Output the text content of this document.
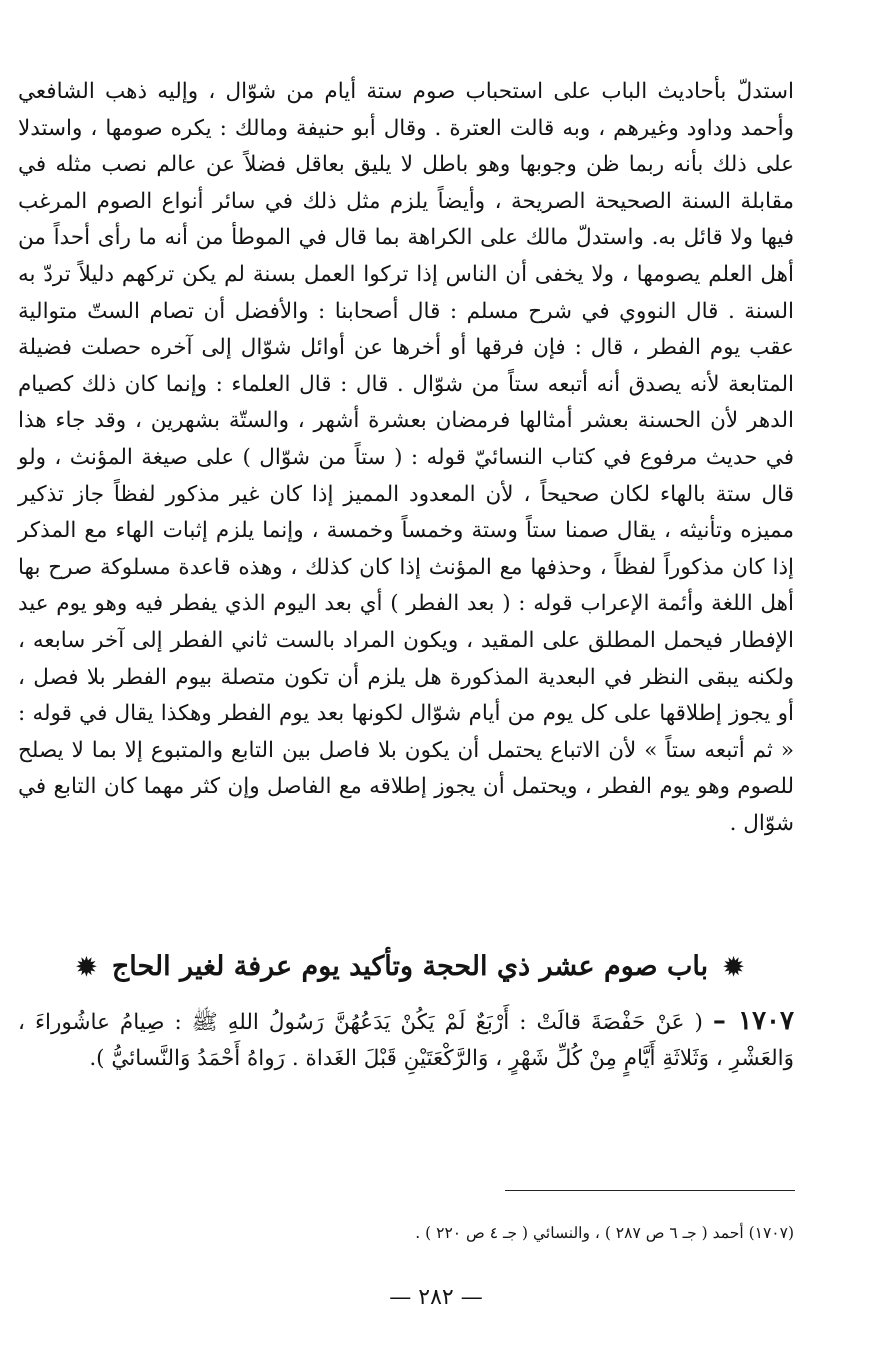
استدلّ بأحاديث الباب على استحباب صوم ستة أيام من شوّال ، وإليه ذهب الشافعي وأحمد وداود وغيرهم ، وبه قالت العترة . وقال أبو حنيفة ومالك : يكره صومها ، واستدلا على ذلك بأنه ربما ظن وجوبها وهو باطل لا يليق بعاقل فضلاً عن عالم نصب مثله في مقابلة السنة الصحيحة الصريحة ، وأيضاً يلزم مثل ذلك في سائر أنواع الصوم المرغب فيها ولا قائل به. واستدلّ مالك على الكراهة بما قال في الموطأ من أنه ما رأى أحداً من أهل العلم يصومها ، ولا يخفى أن الناس إذا تركوا العمل بسنة لم يكن تركهم دليلاً تردّ به السنة . قال النووي في شرح مسلم : قال أصحابنا : والأفضل أن تصام الستّ متوالية عقب يوم الفطر ، قال : فإن فرقها أو أخرها عن أوائل شوّال إلى آخره حصلت فضيلة المتابعة لأنه يصدق أنه أتبعه ستاً من شوّال . قال : قال العلماء : وإنما كان ذلك كصيام الدهر لأن الحسنة بعشر أمثالها فرمضان بعشرة أشهر ، والستّة بشهرين ، وقد جاء هذا في حديث مرفوع في كتاب النسائيّ قوله : ( ستاً من شوّال ) على صيغة المؤنث ، ولو قال ستة بالهاء لكان صحيحاً ، لأن المعدود المميز إذا كان غير مذكور لفظاً جاز تذكير مميزه وتأنيثه ، يقال صمنا ستاً وستة وخمساً وخمسة ، وإنما يلزم إثبات الهاء مع المذكر إذا كان مذكوراً لفظاً ، وحذفها مع المؤنث إذا كان كذلك ، وهذه قاعدة مسلوكة صرح بها أهل اللغة وأئمة الإعراب قوله : ( بعد الفطر ) أي بعد اليوم الذي يفطر فيه وهو يوم عيد الإفطار فيحمل المطلق على المقيد ، ويكون المراد بالست ثاني الفطر إلى آخر سابعه ، ولكنه يبقى النظر في البعدية المذكورة هل يلزم أن تكون متصلة بيوم الفطر بلا فصل ، أو يجوز إطلاقها على كل يوم من أيام شوّال لكونها بعد يوم الفطر وهكذا يقال في قوله : « ثم أتبعه ستاً » لأن الاتباع يحتمل أن يكون بلا فاصل بين التابع والمتبوع إلا بما لا يصلح للصوم وهو يوم الفطر ، ويحتمل أن يجوز إطلاقه مع الفاصل وإن كثر مهما كان التابع في شوّال .

✹ باب صوم عشر ذي الحجة وتأكيد يوم عرفة لغير الحاج ✹

١٧٠٧ – ( عَنْ حَفْصَةَ قالَتْ : أَرْبَعٌ لَمْ يَكُنْ يَدَعُهُنَّ رَسُولُ اللهِ ﷺ : صِيامُ عاشُوراءَ ، وَالعَشْرِ ، وَثَلاثَةِ أَيَّامٍ مِنْ كُلِّ شَهْرٍ ، وَالرَّكْعَتَيْنِ قَبْلَ الغَداة . رَواهُ أَحْمَدُ وَالنَّسائيُّ ).

(١٧٠٧) أحمد ( جـ ٦ ص ٢٨٧ ) ، والنسائي ( جـ ٤ ص ٢٢٠ ) .

— ٢٨٢ —
